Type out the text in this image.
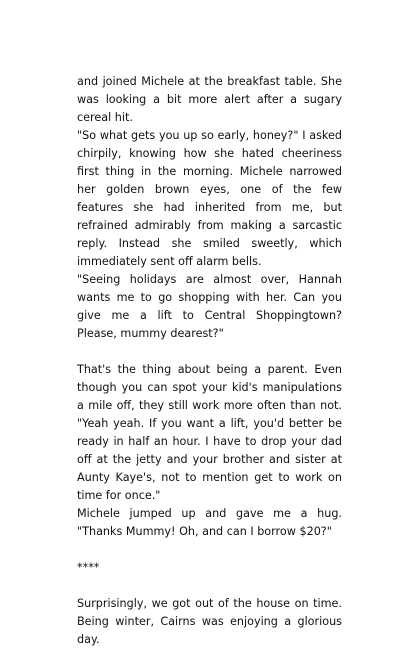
and joined Michele at the breakfast table. She was looking a bit more alert after a sugary cereal hit.

"So what gets you up so early, honey?" I asked chirpily, knowing how she hated cheeriness first thing in the morning. Michele narrowed her golden brown eyes, one of the few features she had inherited from me, but refrained admirably from making a sarcastic reply. Instead she smiled sweetly, which immediately sent off alarm bells.

"Seeing holidays are almost over, Hannah wants me to go shopping with her. Can you give me a lift to Central Shoppingtown? Please, mummy dearest?"

That's the thing about being a parent. Even though you can spot your kid's manipulations a mile off, they still work more often than not. "Yeah yeah. If you want a lift, you'd better be ready in half an hour. I have to drop your dad off at the jetty and your brother and sister at Aunty Kaye's, not to mention get to work on time for once."

Michele jumped up and gave me a hug. "Thanks Mummy! Oh, and can I borrow $20?"

****

Surprisingly, we got out of the house on time. Being winter, Cairns was enjoying a glorious day.
